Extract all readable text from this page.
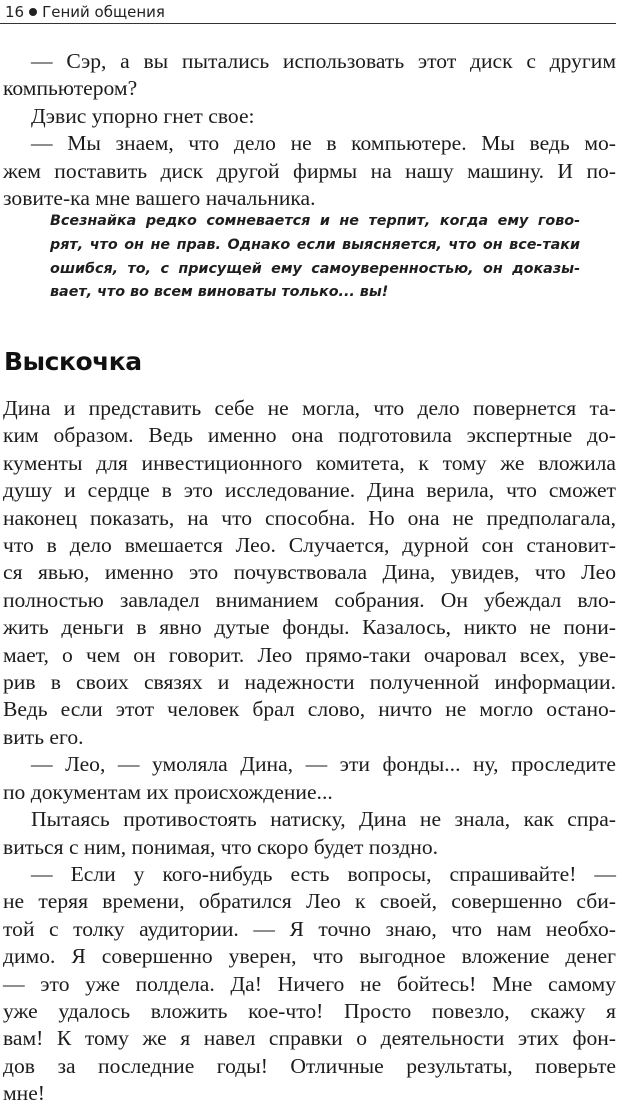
16 Гений общения
— Сэр, а вы пытались использовать этот диск с другим
компьютером?
Дэвис упорно гнет свое:
— Мы знаем, что дело не в компьютере. Мы ведь мо-
жем поставить диск другой фирмы на нашу машину. И по-
зовите-ка мне вашего начальника.
Всезнайка редко сомневается и не терпит, когда ему гово-
рят, что он не прав. Однако если выясняется, что он все-таки
ошибся, то, с присущей ему самоуверенностью, он доказы-
вает, что во всем виноваты только... вы!
Выскочка
Дина и представить себе не могла, что дело повернется та-
ким образом. Ведь именно она подготовила экспертные до-
кументы для инвестиционного комитета, к тому же вложила
душу и сердце в это исследование. Дина верила, что сможет
наконец показать, на что способна. Но она не предполагала,
что в дело вмешается Лео. Случается, дурной сон становит-
ся явью, именно это почувствовала Дина, увидев, что Лео
полностью завладел вниманием собрания. Он убеждал вло-
жить деньги в явно дутые фонды. Казалось, никто не пони-
мает, о чем он говорит. Лео прямо-таки очаровал всех, уве-
рив в своих связях и надежности полученной информации.
Ведь если этот человек брал слово, ничто не могло остано-
вить его.
— Лео, — умоляла Дина, — эти фонды... ну, проследите
по документам их происхождение...
Пытаясь противостоять натиску, Дина не знала, как спра-
виться с ним, понимая, что скоро будет поздно.
— Если у кого-нибудь есть вопросы, спрашивайте! —
не теряя времени, обратился Лео к своей, совершенно сби-
той с толку аудитории. — Я точно знаю, что нам необхо-
димо. Я совершенно уверен, что выгодное вложение денег
— это уже полдела. Да! Ничего не бойтесь! Мне самому
уже удалось вложить кое-что! Просто повезло, скажу я
вам! К тому же я навел справки о деятельности этих фон-
дов за последние годы! Отличные результаты, поверьте
мне!
